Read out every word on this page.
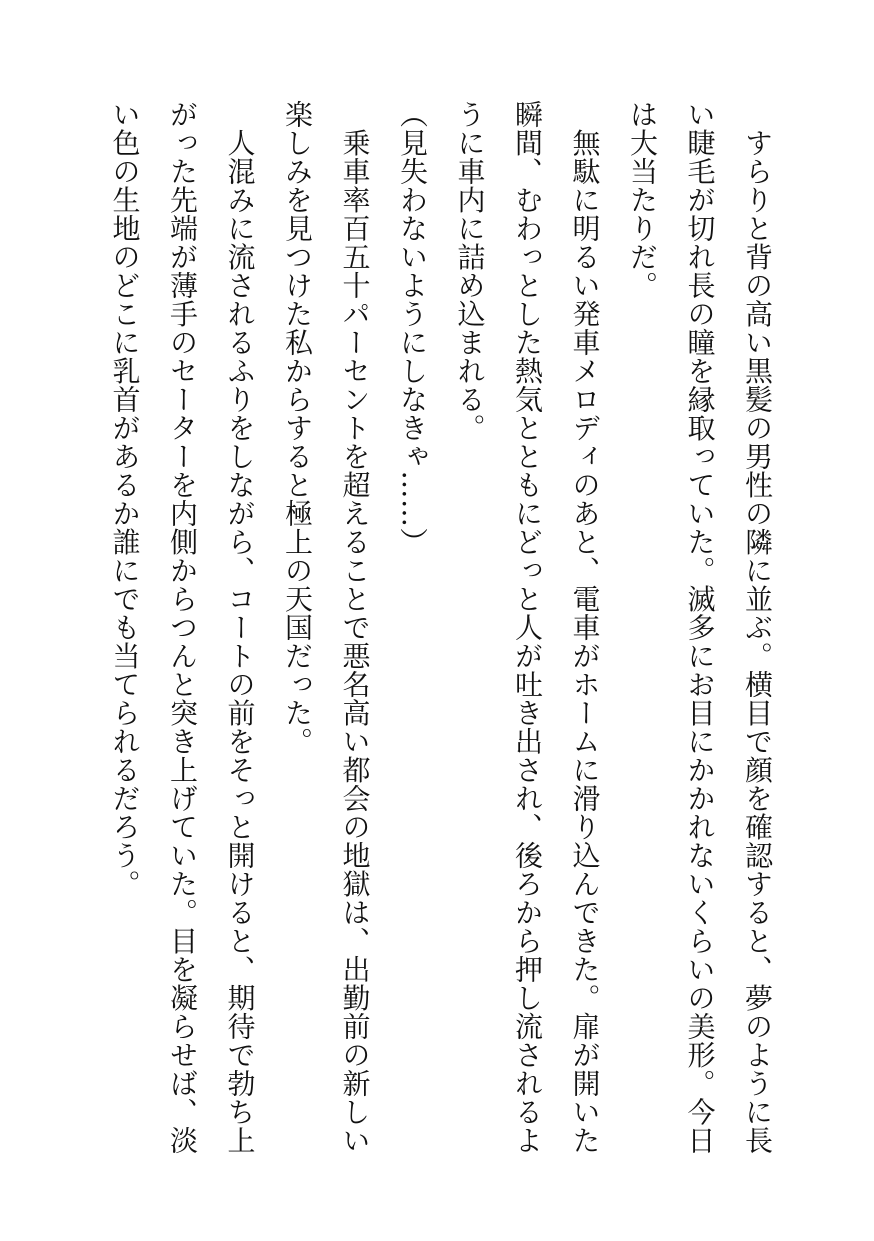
　すらりと背の高い黒髪の男性の隣に並ぶ。横目で顔を確認すると、夢のように長い睫毛が切れ長の瞳を縁取っていた。滅多にお目にかかれないくらいの美形。今日は大当たりだ。

　無駄に明るい発車メロディのあと、電車がホームに滑り込んできた。扉が開いた瞬間、むわっとした熱気とともにどっと人が吐き出され、後ろから押し流されるように車内に詰め込まれる。

（見失わないようにしなきゃ……）

　乗車率百五十パーセントを超えることで悪名高い都会の地獄は、出勤前の新しい楽しみを見つけた私からすると極上の天国だった。

　人混みに流されるふりをしながら、コートの前をそっと開けると、期待で勃ち上がった先端が薄手のセーターを内側からつんと突き上げていた。目を凝らせば、淡い色の生地のどこに乳首があるか誰にでも当てられるだろう。
